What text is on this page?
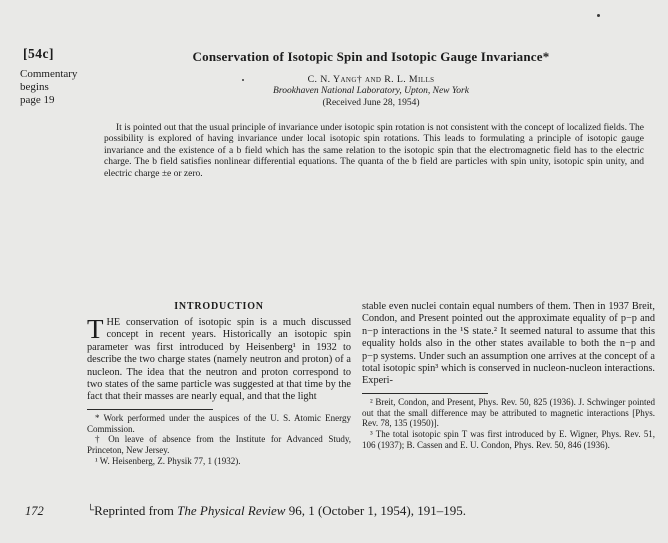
[54c]
Commentary
begins
page 19
Conservation of Isotopic Spin and Isotopic Gauge Invariance*
C. N. Yang† and R. L. Mills
Brookhaven National Laboratory, Upton, New York
(Received June 28, 1954)
It is pointed out that the usual principle of invariance under isotopic spin rotation is not consistent with the concept of localized fields. The possibility is explored of having invariance under local isotopic spin rotations. This leads to formulating a principle of isotopic gauge invariance and the existence of a b field which has the same relation to the isotopic spin that the electromagnetic field has to the electric charge. The b field satisfies nonlinear differential equations. The quanta of the b field are particles with spin unity, isotopic spin unity, and electric charge ±e or zero.
INTRODUCTION

THE conservation of isotopic spin is a much discussed concept in recent years. Historically an isotopic spin parameter was first introduced by Heisenberg¹ in 1932 to describe the two charge states (namely neutron and proton) of a nucleon. The idea that the neutron and proton correspond to two states of the same particle was suggested at that time by the fact that their masses are nearly equal, and that the light

* Work performed under the auspices of the U. S. Atomic Energy Commission.

† On leave of absence from the Institute for Advanced Study, Princeton, New Jersey.

¹ W. Heisenberg, Z. Physik 77, 1 (1932).

stable even nuclei contain equal numbers of them. Then in 1937 Breit, Condon, and Present pointed out the approximate equality of p−p and n−p interactions in the ¹S state.² It seemed natural to assume that this equality holds also in the other states available to both the n−p and p−p systems. Under such an assumption one arrives at the concept of a total isotopic spin³ which is conserved in nucleon-nucleon interactions. Experi-

² Breit, Condon, and Present, Phys. Rev. 50, 825 (1936). J. Schwinger pointed out that the small difference may be attributed to magnetic interactions [Phys. Rev. 78, 135 (1950)].

³ The total isotopic spin T was first introduced by E. Wigner, Phys. Rev. 51, 106 (1937); B. Cassen and E. U. Condon, Phys. Rev. 50, 846 (1936).

172	└Reprinted from The Physical Review 96, 1 (October 1, 1954), 191–195.
